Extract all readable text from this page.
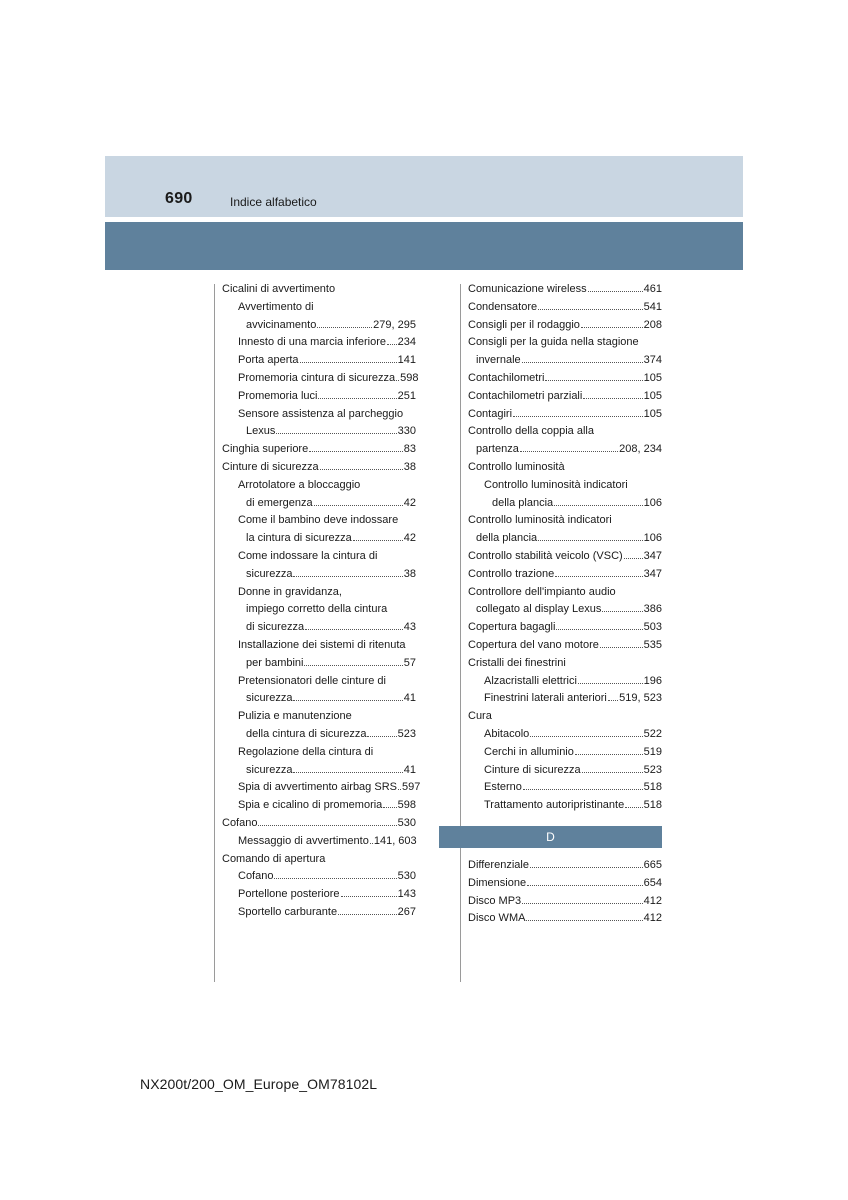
690	Indice alfabetico
Cicalini di avvertimento
Avvertimento di
avvicinamento	279, 295
Innesto di una marcia inferiore 234
Porta aperta	141
Promemoria cintura di sicurezza 598
Promemoria luci	251
Sensore assistenza al parcheggio
Lexus	330
Cinghia superiore	83
Cinture di sicurezza	38
Arrotolatore a bloccaggio
di emergenza	42
Come il bambino deve indossare
la cintura di sicurezza	42
Come indossare la cintura di
sicurezza	38
Donne in gravidanza,
impiego corretto della cintura
di sicurezza	43
Installazione dei sistemi di ritenuta
per bambini	57
Pretensionatori delle cinture di
sicurezza	41
Pulizia e manutenzione
della cintura di sicurezza	523
Regolazione della cintura di
sicurezza	41
Spia di avvertimento airbag SRS 597
Spia e cicalino di promemoria 598
Cofano	530
Messaggio di avvertimento 141, 603
Comando di apertura
Cofano	530
Portellone posteriore	143
Sportello carburante	267
Comunicazione wireless	461
Condensatore	541
Consigli per il rodaggio	208
Consigli per la guida nella stagione
invernale	374
Contachilometri	105
Contachilometri parziali	105
Contagiri	105
Controllo della coppia alla
partenza	208, 234
Controllo luminosità
Controllo luminosità indicatori
della plancia	106
Controllo luminosità indicatori
della plancia	106
Controllo stabilità veicolo (VSC) 347
Controllo trazione	347
Controllore dell'impianto audio
collegato al display Lexus	386
Copertura bagagli	503
Copertura del vano motore	535
Cristalli dei finestrini
Alzacristalli elettrici	196
Finestrini laterali anteriori 519, 523
Cura
Abitacolo	522
Cerchi in alluminio	519
Cinture di sicurezza	523
Esterno	518
Trattamento autoripristinante 518
D
Differenziale	665
Dimensione	654
Disco MP3	412
Disco WMA	412
NX200t/200_OM_Europe_OM78102L
